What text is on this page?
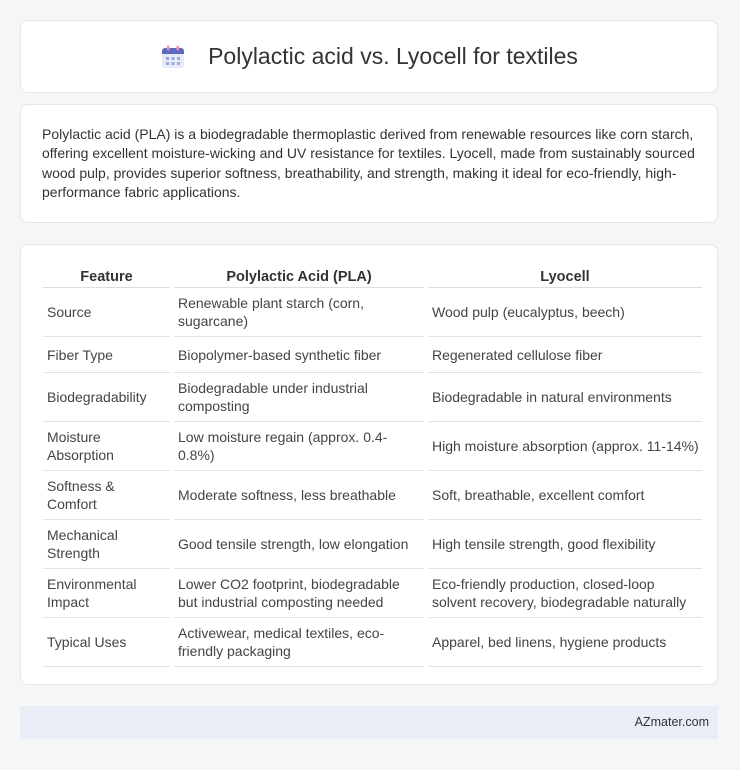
Polylactic acid vs. Lyocell for textiles

Polylactic acid (PLA) is a biodegradable thermoplastic derived from renewable resources like corn starch, offering excellent moisture-wicking and UV resistance for textiles. Lyocell, made from sustainably sourced wood pulp, provides superior softness, breathability, and strength, making it ideal for eco-friendly, high-performance fabric applications.

Feature	Polylactic Acid (PLA)	Lyocell
Source	Renewable plant starch (corn, sugarcane)	Wood pulp (eucalyptus, beech)
Fiber Type	Biopolymer-based synthetic fiber	Regenerated cellulose fiber
Biodegradability	Biodegradable under industrial composting	Biodegradable in natural environments
Moisture Absorption	Low moisture regain (approx. 0.4-0.8%)	High moisture absorption (approx. 11-14%)
Softness & Comfort	Moderate softness, less breathable	Soft, breathable, excellent comfort
Mechanical Strength	Good tensile strength, low elongation	High tensile strength, good flexibility
Environmental Impact	Lower CO2 footprint, biodegradable but industrial composting needed	Eco-friendly production, closed-loop solvent recovery, biodegradable naturally
Typical Uses	Activewear, medical textiles, eco-friendly packaging	Apparel, bed linens, hygiene products
AZmater.com
